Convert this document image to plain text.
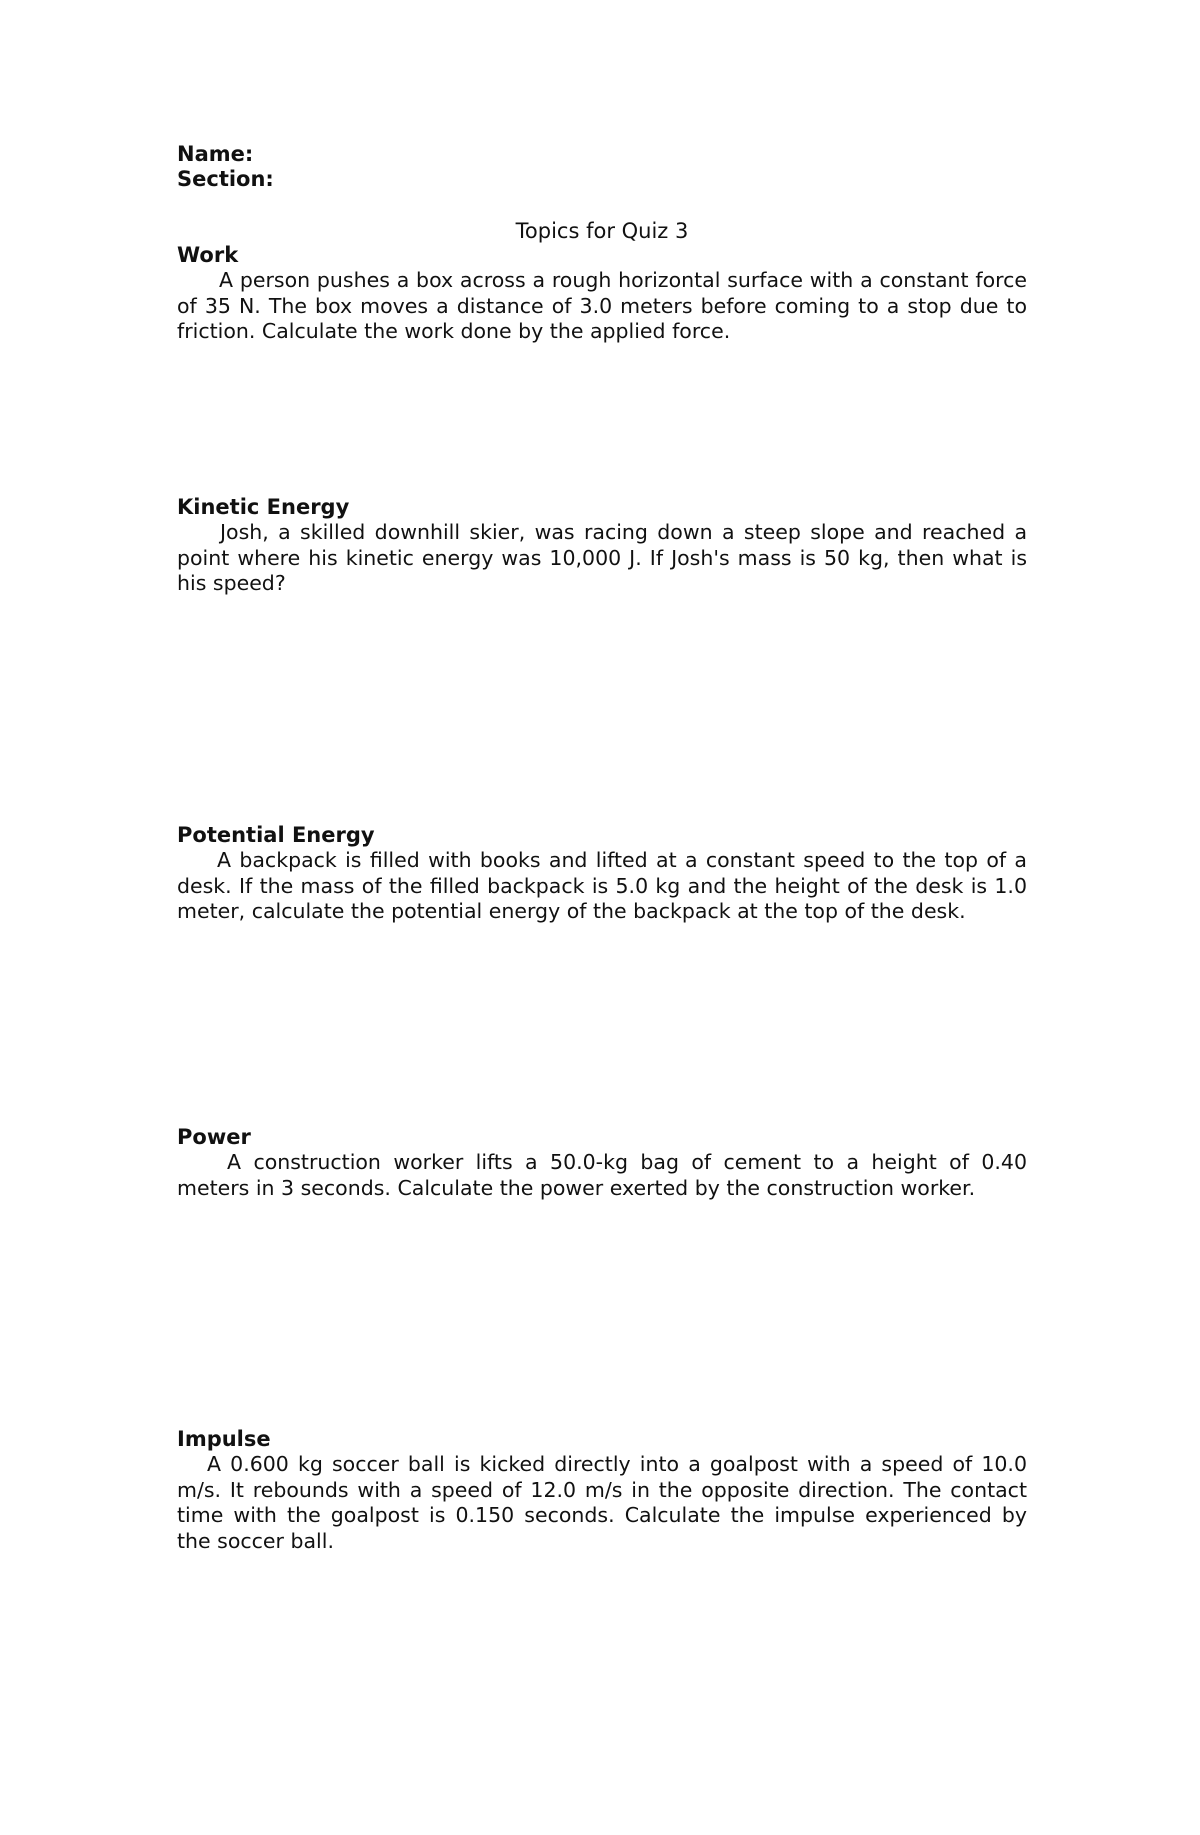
Name:
Section:
Topics for Quiz 3

Work

A person pushes a box across a rough horizontal surface with a constant force of 35 N. The box moves a distance of 3.0 meters before coming to a stop due to friction. Calculate the work done by the applied force.

Kinetic Energy

Josh, a skilled downhill skier, was racing down a steep slope and reached a point where his kinetic energy was 10,000 J. If Josh's mass is 50 kg, then what is his speed?

Potential Energy

A backpack is filled with books and lifted at a constant speed to the top of a desk. If the mass of the filled backpack is 5.0 kg and the height of the desk is 1.0 meter, calculate the potential energy of the backpack at the top of the desk.

Power

A construction worker lifts a 50.0-kg bag of cement to a height of 0.40 meters in 3 seconds. Calculate the power exerted by the construction worker.

Impulse

A 0.600 kg soccer ball is kicked directly into a goalpost with a speed of 10.0 m/s. It rebounds with a speed of 12.0 m/s in the opposite direction. The contact time with the goalpost is 0.150 seconds. Calculate the impulse experienced by the soccer ball.
